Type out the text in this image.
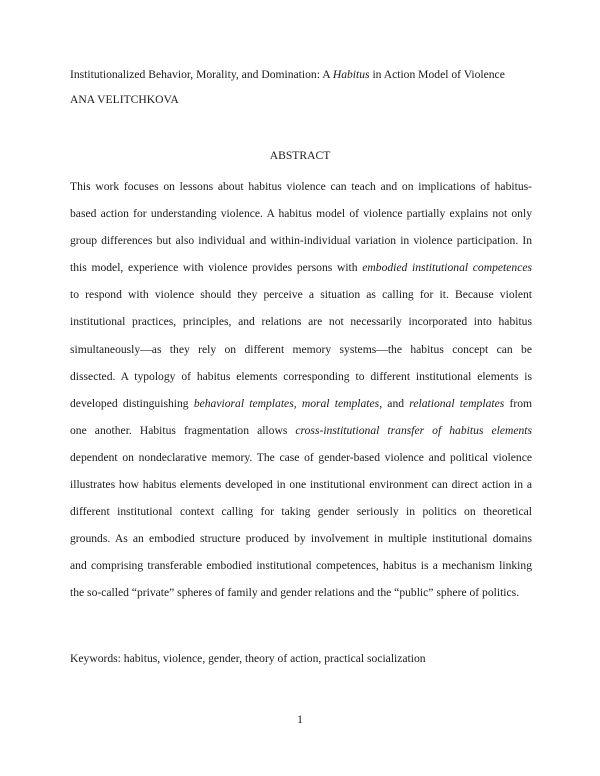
Institutionalized Behavior, Morality, and Domination: A Habitus in Action Model of Violence
ANA VELITCHKOVA
ABSTRACT
This work focuses on lessons about habitus violence can teach and on implications of habitus-
based action for understanding violence. A habitus model of violence partially explains not only
group differences but also individual and within-individual variation in violence participation. In
this model, experience with violence provides persons with embodied institutional competences
to respond with violence should they perceive a situation as calling for it. Because violent
institutional practices, principles, and relations are not necessarily incorporated into habitus
simultaneously—as they rely on different memory systems—the habitus concept can be
dissected. A typology of habitus elements corresponding to different institutional elements is
developed distinguishing behavioral templates, moral templates, and relational templates from
one another. Habitus fragmentation allows cross-institutional transfer of habitus elements
dependent on nondeclarative memory. The case of gender-based violence and political violence
illustrates how habitus elements developed in one institutional environment can direct action in a
different institutional context calling for taking gender seriously in politics on theoretical
grounds. As an embodied structure produced by involvement in multiple institutional domains
and comprising transferable embodied institutional competences, habitus is a mechanism linking
the so-called “private” spheres of family and gender relations and the “public” sphere of politics.
Keywords: habitus, violence, gender, theory of action, practical socialization
1
